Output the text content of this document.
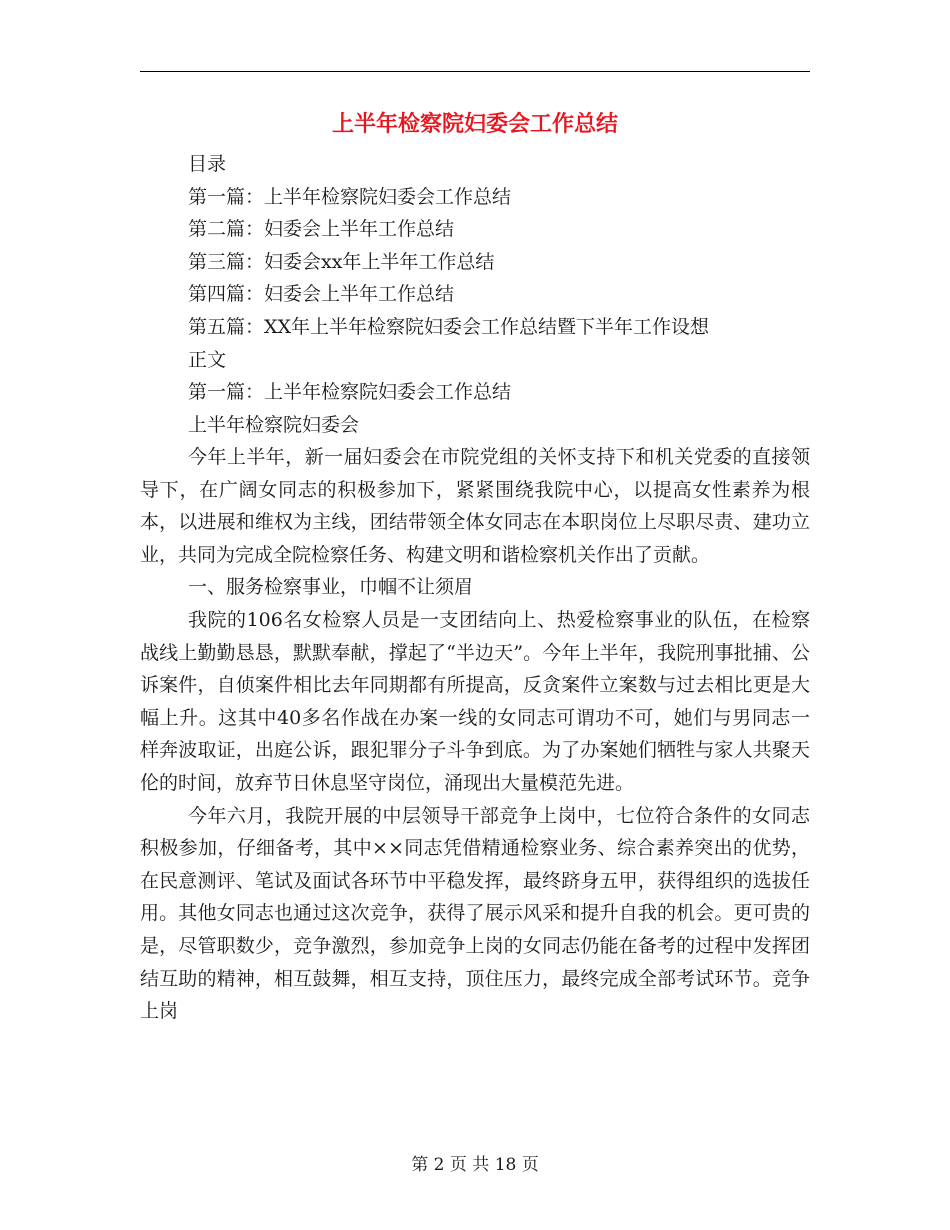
上半年检察院妇委会工作总结
目录
第一篇：上半年检察院妇委会工作总结
第二篇：妇委会上半年工作总结
第三篇：妇委会xx年上半年工作总结
第四篇：妇委会上半年工作总结
第五篇：XX年上半年检察院妇委会工作总结暨下半年工作设想
正文
第一篇：上半年检察院妇委会工作总结
上半年检察院妇委会

今年上半年，新一届妇委会在市院党组的关怀支持下和机关党委的直接领导下，在广阔女同志的积极参加下，紧紧围绕我院中心，以提高女性素养为根本，以进展和维权为主线，团结带领全体女同志在本职岗位上尽职尽责、建功立业，共同为完成全院检察任务、构建文明和谐检察机关作出了贡献。

一、服务检察事业，巾帼不让须眉

我院的106名女检察人员是一支团结向上、热爱检察事业的队伍，在检察战线上勤勤恳恳，默默奉献，撑起了“半边天”。今年上半年，我院刑事批捕、公诉案件，自侦案件相比去年同期都有所提高，反贪案件立案数与过去相比更是大幅上升。这其中40多名作战在办案一线的女同志可谓功不可，她们与男同志一样奔波取证，出庭公诉，跟犯罪分子斗争到底。为了办案她们牺牲与家人共聚天伦的时间，放弃节日休息坚守岗位，涌现出大量模范先进。

今年六月，我院开展的中层领导干部竞争上岗中，七位符合条件的女同志积极参加，仔细备考，其中××同志凭借精通检察业务、综合素养突出的优势，在民意测评、笔试及面试各环节中平稳发挥，最终跻身五甲，获得组织的选拔任用。其他女同志也通过这次竞争，获得了展示风采和提升自我的机会。更可贵的是，尽管职数少，竞争激烈，参加竞争上岗的女同志仍能在备考的过程中发挥团结互助的精神，相互鼓舞，相互支持，顶住压力，最终完成全部考试环节。竞争上岗

第 2 页 共 18 页
